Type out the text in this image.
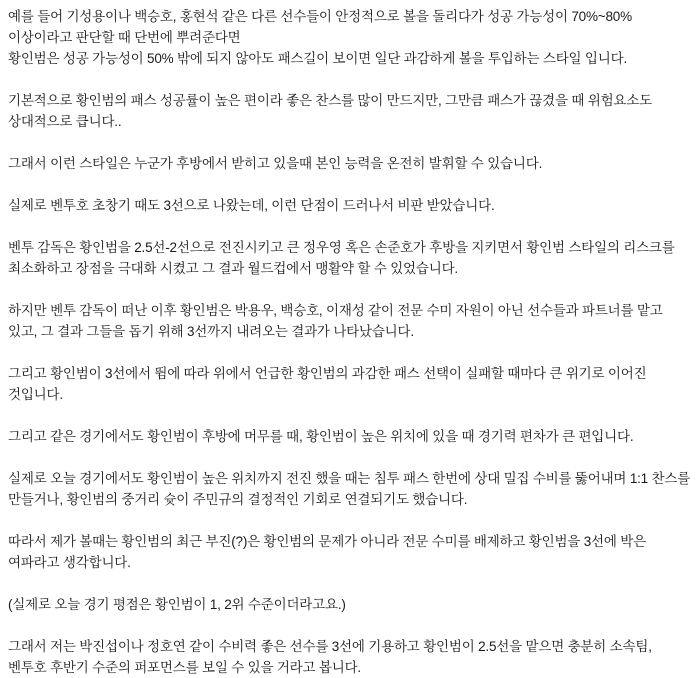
예를 들어 기성용이나 백승호, 홍현석 같은 다른 선수들이 안정적으로 볼을 돌리다가 성공 가능성이 70%~80% 이상이라고 판단할 때 단번에 뿌려준다면

황인범은 성공 가능성이 50% 밖에 되지 않아도 패스길이 보이면 일단 과감하게 볼을 투입하는 스타일 입니다.

기본적으로 황인범의 패스 성공률이 높은 편이라 좋은 찬스를 많이 만드지만, 그만큼 패스가 끊겼을 때 위험요소도 상대적으로 큽니다..

그래서 이런 스타일은 누군가 후방에서 받히고 있을때 본인 능력을 온전히 발휘할 수 있습니다.

실제로 벤투호 초창기 때도 3선으로 나왔는데, 이런 단점이 드러나서 비판 받았습니다.

벤투 감독은 황인범을 2.5선-2선으로 전진시키고 큰 정우영 혹은 손준호가 후방을 지키면서 황인범 스타일의 리스크를 최소화하고 장점을 극대화 시켰고 그 결과 월드컵에서 맹활약 할 수 있었습니다.

하지만 벤투 감독이 떠난 이후 황인범은 박용우, 백승호, 이재성 같이 전문 수미 자원이 아닌 선수들과 파트너를 맡고 있고, 그 결과 그들을 돕기 위해 3선까지 내려오는 결과가 나타났습니다.

그리고 황인범이 3선에서 뜀에 따라 위에서 언급한 황인범의 과감한 패스 선택이 실패할 때마다 큰 위기로 이어진 것입니다.

그리고 같은 경기에서도 황인범이 후방에 머무를 때, 황인범이 높은 위치에 있을 때 경기력 편차가 큰 편입니다.

실제로 오늘 경기에서도 황인범이 높은 위치까지 전진 했을 때는 침투 패스 한번에 상대 밀집 수비를 뚫어내며 1:1 찬스를 만들거나, 황인범의 중거리 슛이 주민규의 결정적인 기회로 연결되기도 했습니다.

따라서 제가 볼때는 황인범의 최근 부진(?)은 황인범의 문제가 아니라 전문 수미를 배제하고 황인범을 3선에 박은 여파라고 생각합니다.

(실제로 오늘 경기 평점은 황인범이 1, 2위 수준이더라고요.)

그래서 저는 박진섭이나 정호연 같이 수비력 좋은 선수를 3선에 기용하고 황인범이 2.5선을 맡으면 충분히 소속팀, 벤투호 후반기 수준의 퍼포먼스를 보일 수 있을 거라고 봅니다.
